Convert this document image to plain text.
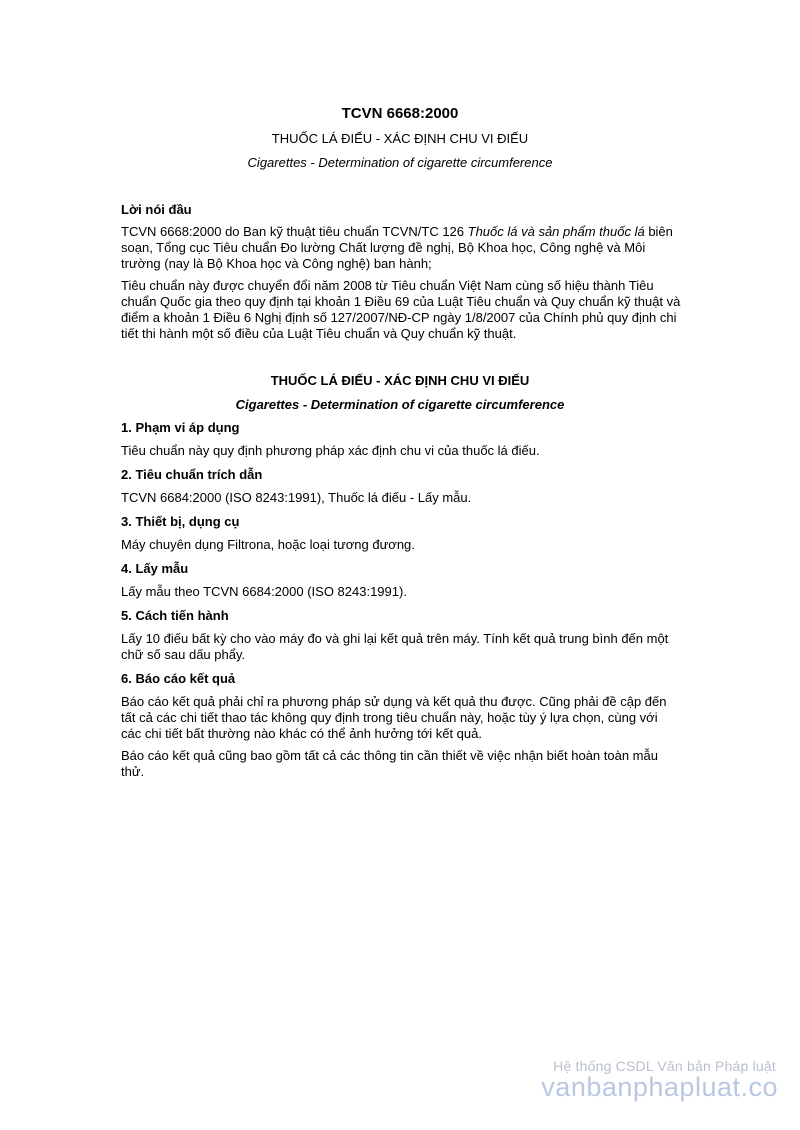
TCVN 6668:2000
THUỐC LÁ ĐIẾU - XÁC ĐỊNH CHU VI ĐIẾU
Cigarettes - Determination of cigarette circumference
Lời nói đầu
TCVN 6668:2000 do Ban kỹ thuật tiêu chuẩn TCVN/TC 126 Thuốc lá và sản phẩm thuốc lá biên soạn, Tổng cục Tiêu chuẩn Đo lường Chất lượng đề nghị, Bộ Khoa học, Công nghệ và Môi trường (nay là Bộ Khoa học và Công nghệ) ban hành;
Tiêu chuẩn này được chuyển đổi năm 2008 từ Tiêu chuẩn Việt Nam cùng số hiệu thành Tiêu chuẩn Quốc gia theo quy định tại khoản 1 Điều 69 của Luật Tiêu chuẩn và Quy chuẩn kỹ thuật và điểm a khoản 1 Điều 6 Nghị định số 127/2007/NĐ-CP ngày 1/8/2007 của Chính phủ quy định chi tiết thi hành một số điều của Luật Tiêu chuẩn và Quy chuẩn kỹ thuật.
THUỐC LÁ ĐIẾU - XÁC ĐỊNH CHU VI ĐIẾU
Cigarettes - Determination of cigarette circumference
1. Phạm vi áp dụng
Tiêu chuẩn này quy định phương pháp xác định chu vi của thuốc lá điếu.
2. Tiêu chuẩn trích dẫn
TCVN 6684:2000 (ISO 8243:1991), Thuốc lá điếu - Lấy mẫu.
3. Thiết bị, dụng cụ
Máy chuyên dụng Filtrona, hoặc loại tương đương.
4. Lấy mẫu
Lấy mẫu theo TCVN 6684:2000 (ISO 8243:1991).
5. Cách tiến hành
Lấy 10 điếu bất kỳ cho vào máy đo và ghi lại kết quả trên máy. Tính kết quả trung bình đến một chữ số sau dấu phẩy.
6. Báo cáo kết quả
Báo cáo kết quả phải chỉ ra phương pháp sử dụng và kết quả thu được. Cũng phải đề cập đến tất cả các chi tiết thao tác không quy định trong tiêu chuẩn này, hoặc tùy ý lựa chọn, cùng với các chi tiết bất thường nào khác có thể ảnh hưởng tới kết quả.
Báo cáo kết quả cũng bao gồm tất cả các thông tin cần thiết về việc nhận biết hoàn toàn mẫu thử.
Hệ thống CSDL Văn bản Pháp luật
vanbanphapluat.co
